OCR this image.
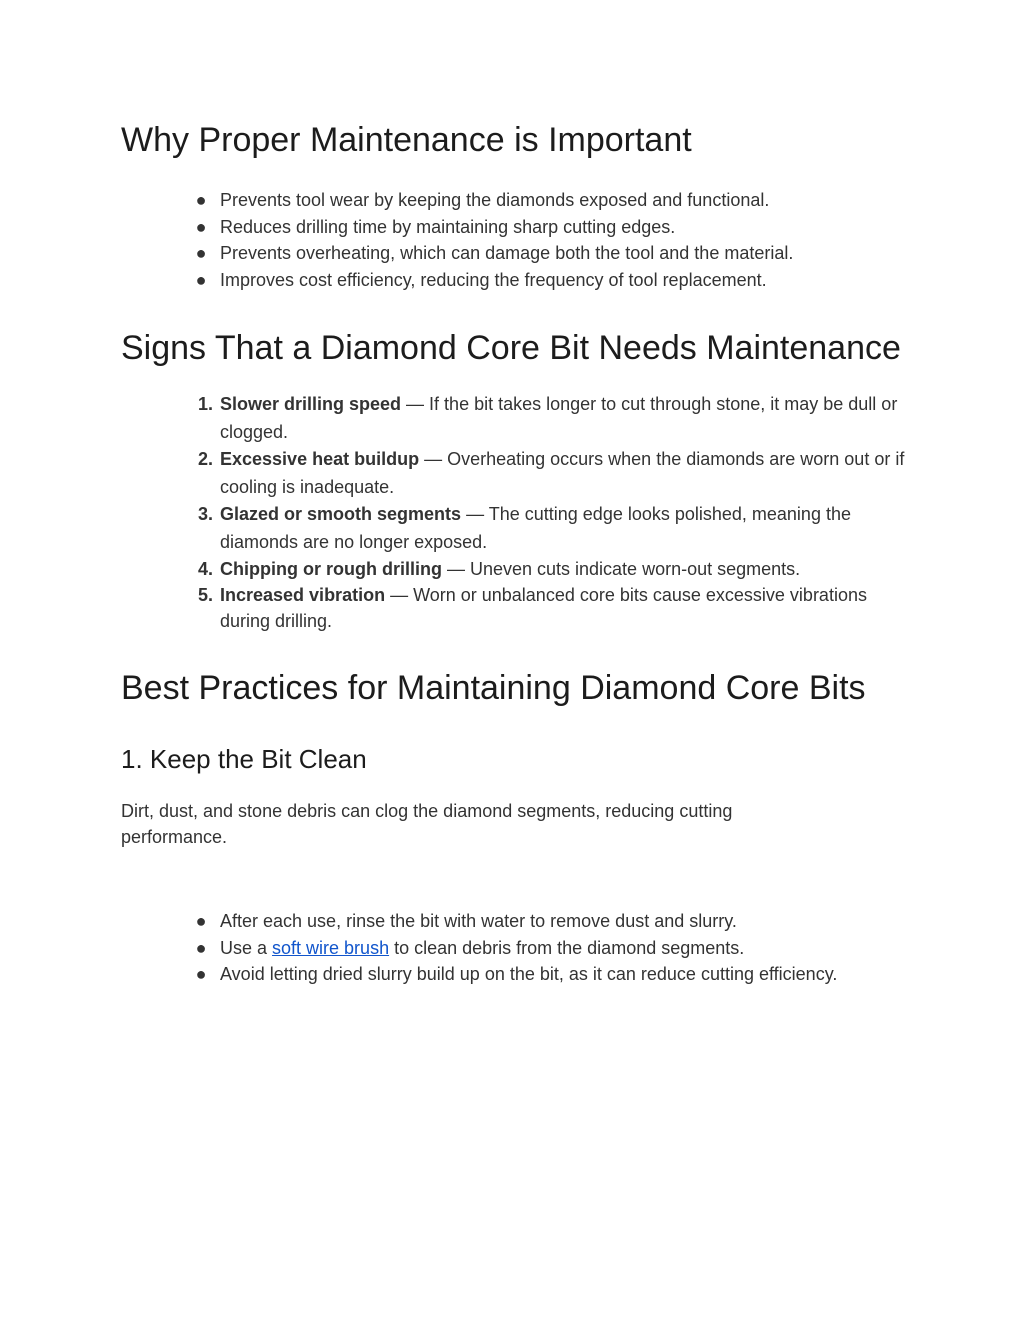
Why Proper Maintenance is Important
● Prevents tool wear by keeping the diamonds exposed and functional.
● Reduces drilling time by maintaining sharp cutting edges.
● Prevents overheating, which can damage both the tool and the material.
● Improves cost efficiency, reducing the frequency of tool replacement.
Signs That a Diamond Core Bit Needs Maintenance
1. Slower drilling speed — If the bit takes longer to cut through stone, it may be dull or clogged.
2. Excessive heat buildup — Overheating occurs when the diamonds are worn out or if cooling is inadequate.
3. Glazed or smooth segments — The cutting edge looks polished, meaning the diamonds are no longer exposed.
4. Chipping or rough drilling — Uneven cuts indicate worn-out segments.
5. Increased vibration — Worn or unbalanced core bits cause excessive vibrations during drilling.
Best Practices for Maintaining Diamond Core Bits
1. Keep the Bit Clean

Dirt, dust, and stone debris can clog the diamond segments, reducing cutting performance.

● After each use, rinse the bit with water to remove dust and slurry.
● Use a soft wire brush to clean debris from the diamond segments.
● Avoid letting dried slurry build up on the bit, as it can reduce cutting efficiency.
